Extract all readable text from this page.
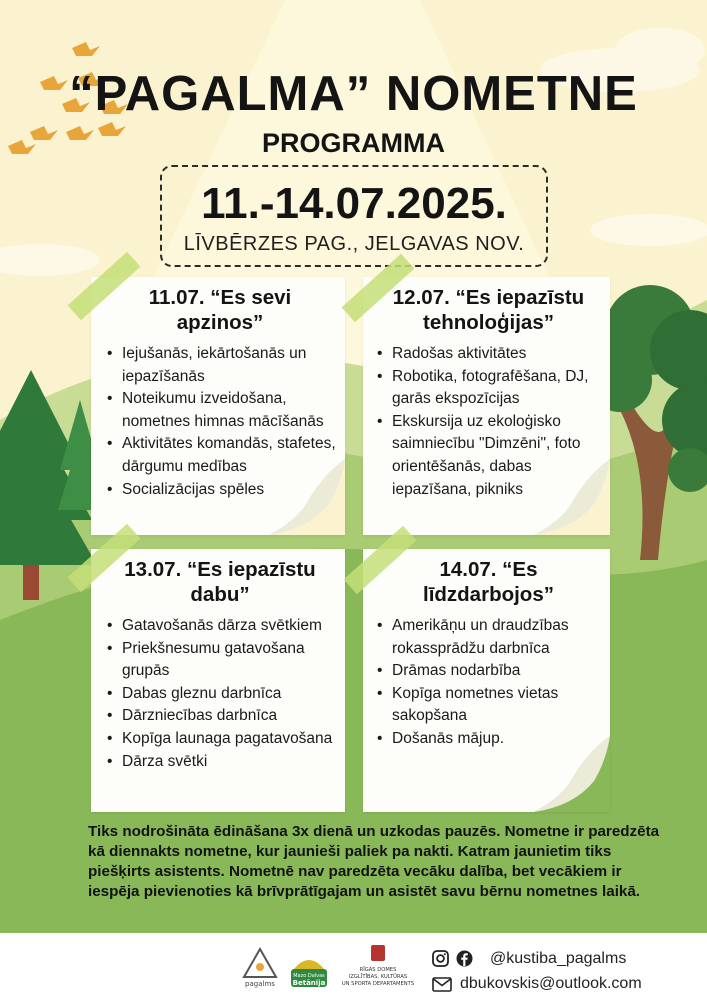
“PAGALMA” NOMETNE
PROGRAMMA
11.-14.07.2025.
LĪVBĒRZES PAG., JELGAVAS NOV.
11.07. “Es sevi apzinos”
• Iejušanās, iekārtošanās un iepazīšanās
• Noteikumu izveidošana, nometnes himnas mācīšanās
• Aktivitātes komandās, stafetes, dārgumu medības
• Socializācijas spēles
12.07. “Es iepazīstu tehnoloģijas”
• Radošas aktivitātes
• Robotika, fotografēšana, DJ, garās ekspozīcijas
• Ekskursija uz ekoloģisko saimniecību "Dimzēni", foto orientēšanās, dabas iepazīšana, pikniks
13.07. “Es iepazīstu dabu”
• Gatavošanās dārza svētkiem
• Priekšnesumu gatavošana grupās
• Dabas gleznu darbnīca
• Dārzniecības darbnīca
• Kopīga launaga pagatavošana
• Dārza svētki
14.07. “Es līdzdarbojos”
• Amerikāņu un draudzības rokassprādžu darbnīca
• Drāmas nodarbība
• Kopīga nometnes vietas sakopšana
• Došanās mājup.
Tiks nodrošināta ēdināšana 3x dienā un uzkodas pauzēs. Nometne ir paredzēta kā diennakts nometne, kur jaunieši paliek pa nakti. Katram jaunietim tiks piešķirts asistents. Nometnē nav paredzēta vecāku dalība, bet vecākiem ir iespēja pievienoties kā brīvprātīgajam un asistēt savu bērnu nometnes laikā.
pagalms
Mazo Dalvas
Betānija
RĪGAS DOMES
IZGLĪTĪBAS, KULTŪRAS
UN SPORTA DEPARTAMENTS
@kustiba_pagalms
dbukovskis@outlook.com
